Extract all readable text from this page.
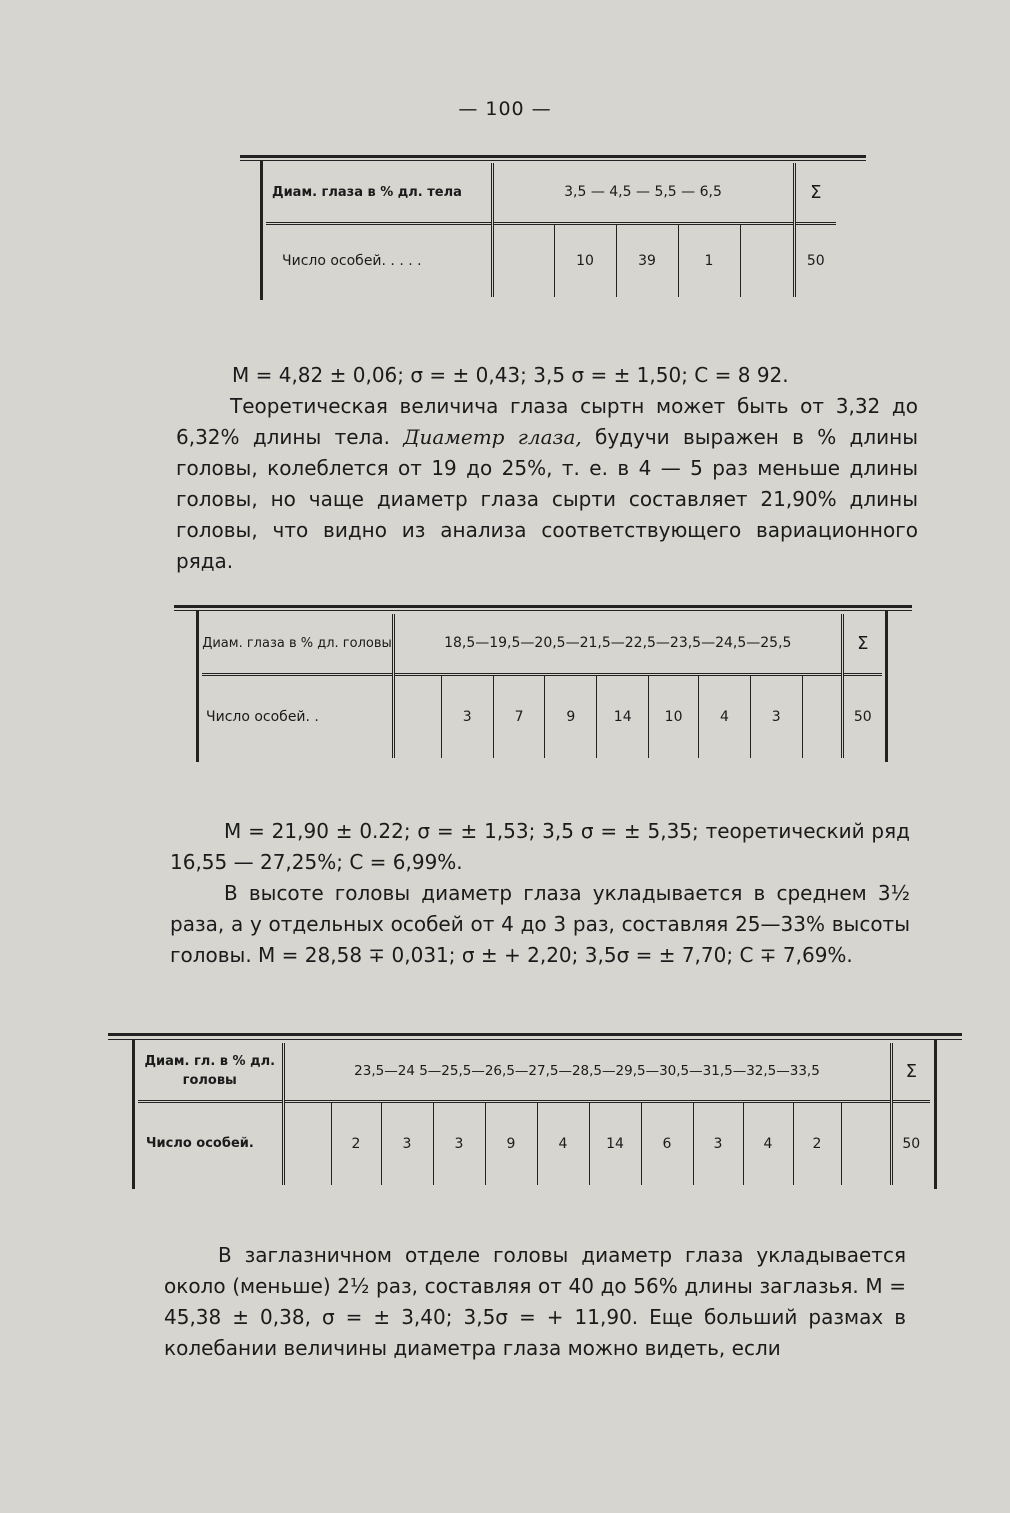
— 100 —
Диам. глаза в % дл. тела	3,5 — 4,5 — 5,5 — 6,5					Σ
Число особей. . . . .		10	39	1		50
M = 4,82 ± 0,06; σ = ± 0,43; 3,5 σ = ± 1,50; C = 8 92.

Теоретическая величича глаза сыртн может быть от 3,32 до 6,32% длины тела. Диаметр глаза, будучи выражен в % длины головы, колеблется от 19 до 25%, т. е. в 4 — 5 раз меньше длины головы, но чаще диаметр глаза сырти составляет 21,90% длины головы, что видно из анализа соответствующего вариационного ряда.

Диам. глаза в % дл. головы	18,5—19,5—20,5—21,5—22,5—23,5—24,5—25,5									Σ
Число особей. .		3	7	9	14	10	4	3		50

M = 21,90 ± 0.22; σ = ± 1,53; 3,5 σ = ± 5,35; теоретический ряд 16,55 — 27,25%; C = 6,99%.

В высоте головы диаметр глаза укладывается в среднем 3½ раза, а у отдельных особей от 4 до 3 раз, составляя 25—33% высоты головы. M = 28,58 ∓ 0,031; σ ± + 2,20; 3,5σ = ± 7,70; C ∓ 7,69%.

Диам. гл. в % дл. головы	23,5—24 5—25,5—26,5—27,5—28,5—29,5—30,5—31,5—32,5—33,5												Σ
Число особей.		2	3	3	9	4	14	6	3	4	2		50

В заглазничном отделе головы диаметр глаза укладывается около (меньше) 2½ раз, составляя от 40 до 56% длины заглазья. M = 45,38 ± 0,38, σ = ± 3,40; 3,5σ = + 11,90. Еще больший размах в колебании величины диаметра глаза можно видеть, если
